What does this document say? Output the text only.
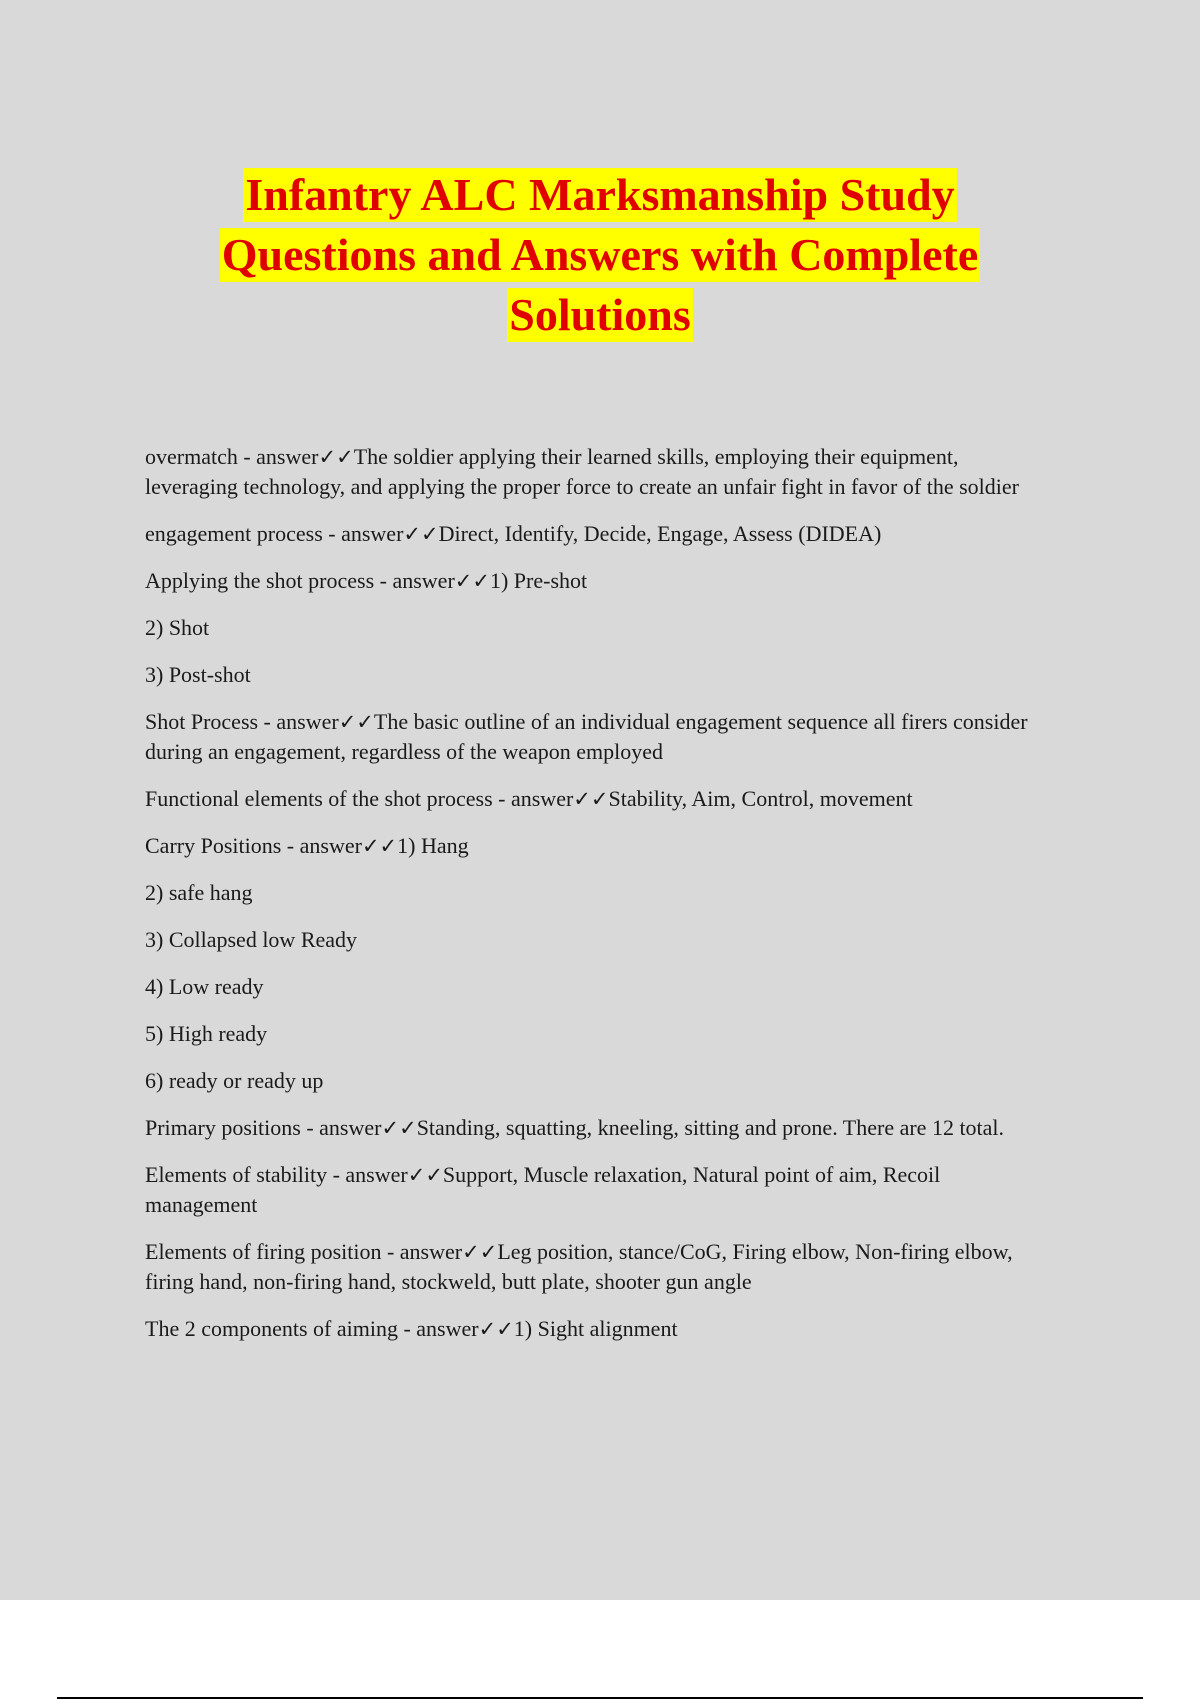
Infantry ALC Marksmanship Study
Questions and Answers with Complete
Solutions

overmatch - answer✓✓The soldier applying their learned skills, employing their equipment, leveraging technology, and applying the proper force to create an unfair fight in favor of the soldier

engagement process - answer✓✓Direct, Identify, Decide, Engage, Assess (DIDEA)

Applying the shot process - answer✓✓1) Pre-shot

2) Shot

3) Post-shot

Shot Process - answer✓✓The basic outline of an individual engagement sequence all firers consider during an engagement, regardless of the weapon employed

Functional elements of the shot process - answer✓✓Stability, Aim, Control, movement

Carry Positions - answer✓✓1) Hang

2) safe hang

3) Collapsed low Ready

4) Low ready

5) High ready

6) ready or ready up

Primary positions - answer✓✓Standing, squatting, kneeling, sitting and prone. There are 12 total.

Elements of stability - answer✓✓Support, Muscle relaxation, Natural point of aim, Recoil management

Elements of firing position - answer✓✓Leg position, stance/CoG, Firing elbow, Non-firing elbow, firing hand, non-firing hand, stockweld, butt plate, shooter gun angle

The 2 components of aiming - answer✓✓1) Sight alignment
